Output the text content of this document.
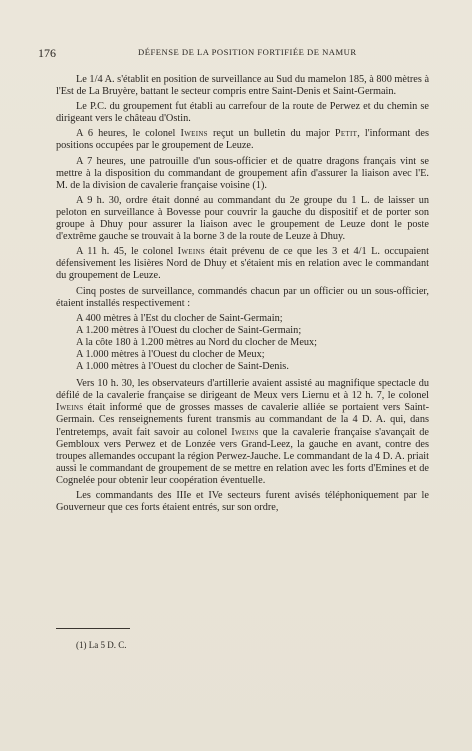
176	DÉFENSE DE LA POSITION FORTIFIÉE DE NAMUR

Le 1/4 A. s'établit en position de surveillance au Sud du mamelon 185, à 800 mètres à l'Est de La Bruyère, battant le secteur compris entre Saint-Denis et Saint-Germain.

Le P.C. du groupement fut établi au carrefour de la route de Perwez et du chemin se dirigeant vers le château d'Ostin.

A 6 heures, le colonel Iweins reçut un bulletin du major Petit, l'informant des positions occupées par le groupement de Leuze.

A 7 heures, une patrouille d'un sous-officier et de quatre dragons français vint se mettre à la disposition du commandant de groupement afin d'assurer la liaison avec l'E. M. de la division de cavalerie française voisine (1).

A 9 h. 30, ordre était donné au commandant du 2e groupe du 1 L. de laisser un peloton en surveillance à Bovesse pour couvrir la gauche du dispositif et de porter son groupe à Dhuy pour assurer la liaison avec le groupement de Leuze dont le poste d'extrême gauche se trouvait à la borne 3 de la route de Leuze à Dhuy.

A 11 h. 45, le colonel Iweins était prévenu de ce que les 3 et 4/1 L. occupaient défensivement les lisières Nord de Dhuy et s'étaient mis en relation avec le commandant du groupement de Leuze.

Cinq postes de surveillance, commandés chacun par un officier ou un sous-officier, étaient installés respectivement :

A 400 mètres à l'Est du clocher de Saint-Germain;
A 1.200 mètres à l'Ouest du clocher de Saint-Germain;
A la côte 180 à 1.200 mètres au Nord du clocher de Meux;
A 1.000 mètres à l'Ouest du clocher de Meux;
A 1.000 mètres à l'Ouest du clocher de Saint-Denis.

Vers 10 h. 30, les observateurs d'artillerie avaient assisté au magnifique spectacle du défilé de la cavalerie française se dirigeant de Meux vers Liernu et à 12 h. 7, le colonel Iweins était informé que de grosses masses de cavalerie alliée se portaient vers Saint-Germain. Ces renseignements furent transmis au commandant de la 4 D. A. qui, dans l'entretemps, avait fait savoir au colonel Iweins que la cavalerie française s'avançait de Gembloux vers Perwez et de Lonzée vers Grand-Leez, la gauche en avant, contre des troupes allemandes occupant la région Perwez-Jauche. Le commandant de la 4 D. A. priait aussi le commandant de groupement de se mettre en relation avec les forts d'Emines et de Cognelée pour obtenir leur coopération éventuelle.

Les commandants des IIIe et IVe secteurs furent avisés téléphoniquement par le Gouverneur que ces forts étaient entrés, sur son ordre,

(1) La 5 D. C.
